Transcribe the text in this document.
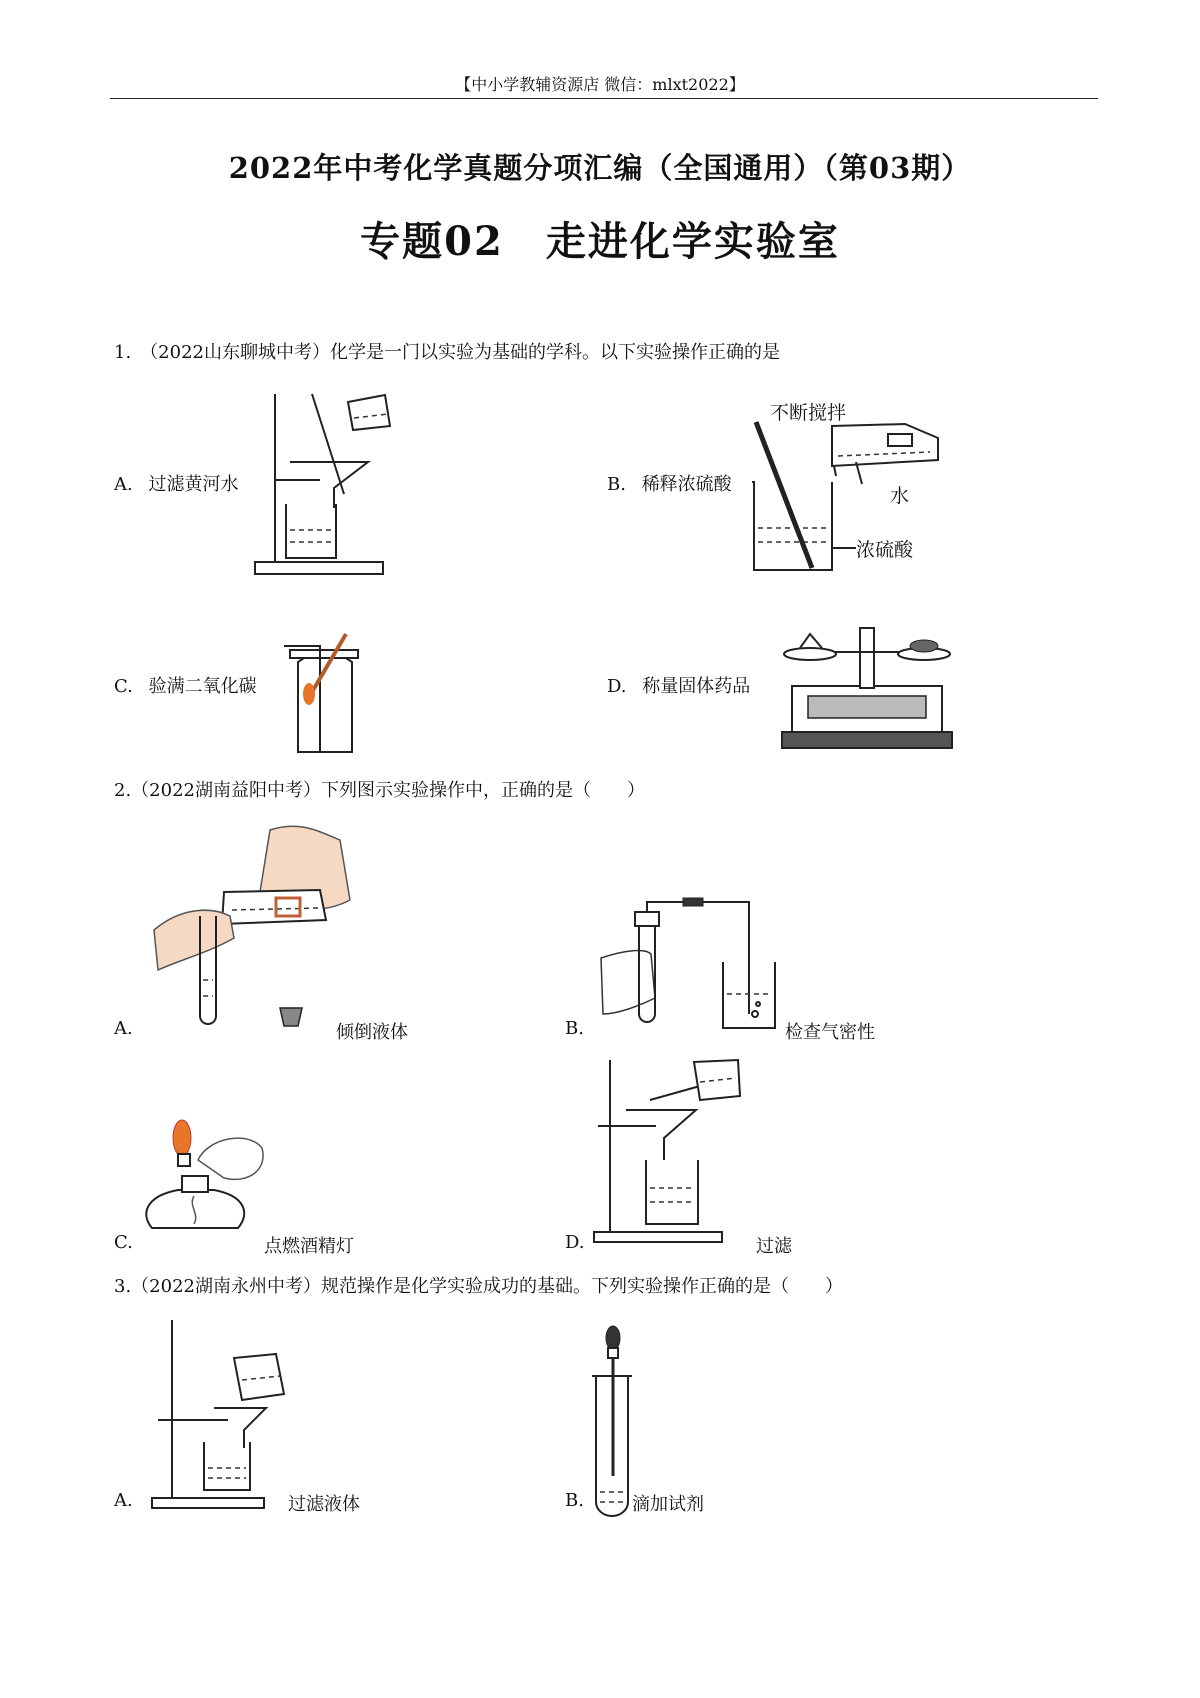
【中小学教辅资源店 微信：mlxt2022】
2022年中考化学真题分项汇编（全国通用）（第03期）
专题02　走进化学实验室
1.　（2022山东聊城中考）化学是一门以实验为基础的学科。以下实验操作正确的是
A. 过滤黄河水	B. 稀释浓硫酸
不断搅拌
水
浓硫酸
C. 验满二氧化碳	D. 称量固体药品
2.（2022湖南益阳中考）下列图示实验操作中，正确的是（　　）
A.	倾倒液体	B.	检查气密性
C.	点燃酒精灯	D.	过滤
3.（2022湖南永州中考）规范操作是化学实验成功的基础。下列实验操作正确的是（　　）
A.	过滤液体	B.	滴加试剂
